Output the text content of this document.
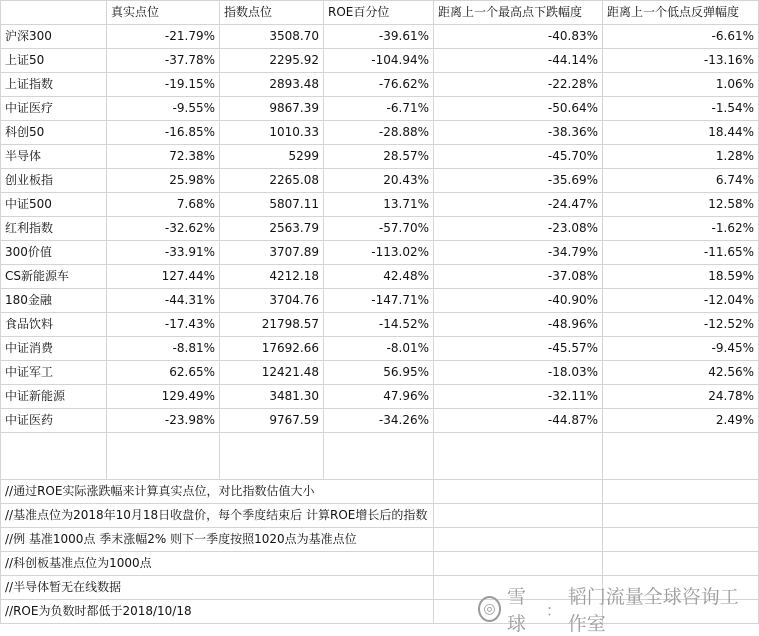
	真实点位	指数点位	ROE百分位	距离上一个最高点下跌幅度	距离上一个低点反弹幅度
沪深300	-21.79%	3508.70	-39.61%	-40.83%	-6.61%
上证50	-37.78%	2295.92	-104.94%	-44.14%	-13.16%
上证指数	-19.15%	2893.48	-76.62%	-22.28%	1.06%
中证医疗	-9.55%	9867.39	-6.71%	-50.64%	-1.54%
科创50	-16.85%	1010.33	-28.88%	-38.36%	18.44%
半导体	72.38%	5299	28.57%	-45.70%	1.28%
创业板指	25.98%	2265.08	20.43%	-35.69%	6.74%
中证500	7.68%	5807.11	13.71%	-24.47%	12.58%
红利指数	-32.62%	2563.79	-57.70%	-23.08%	-1.62%
300价值	-33.91%	3707.89	-113.02%	-34.79%	-11.65%
CS新能源车	127.44%	4212.18	42.48%	-37.08%	18.59%
180金融	-44.31%	3704.76	-147.71%	-40.90%	-12.04%
食品饮料	-17.43%	21798.57	-14.52%	-48.96%	-12.52%
中证消费	-8.81%	17692.66	-8.01%	-45.57%	-9.45%
中证军工	62.65%	12421.48	56.95%	-18.03%	42.56%
中证新能源	129.49%	3481.30	47.96%	-32.11%	24.78%
中证医药	-23.98%	9767.59	-34.26%	-44.87%	2.49%

//通过ROE实际涨跌幅来计算真实点位，对比指数估值大小					
//基准点位为2018年10月18日收盘价，每个季度结束后 计算ROE增长后的指数					
//例 基准1000点 季末涨幅2% 则下一季度按照1020点为基准点位					
//科创板基准点位为1000点					
//半导体暂无在线数据					
//ROE为负数时都低于2018/10/18						◎
雪球
：
韬门流量全球咨询工作室
